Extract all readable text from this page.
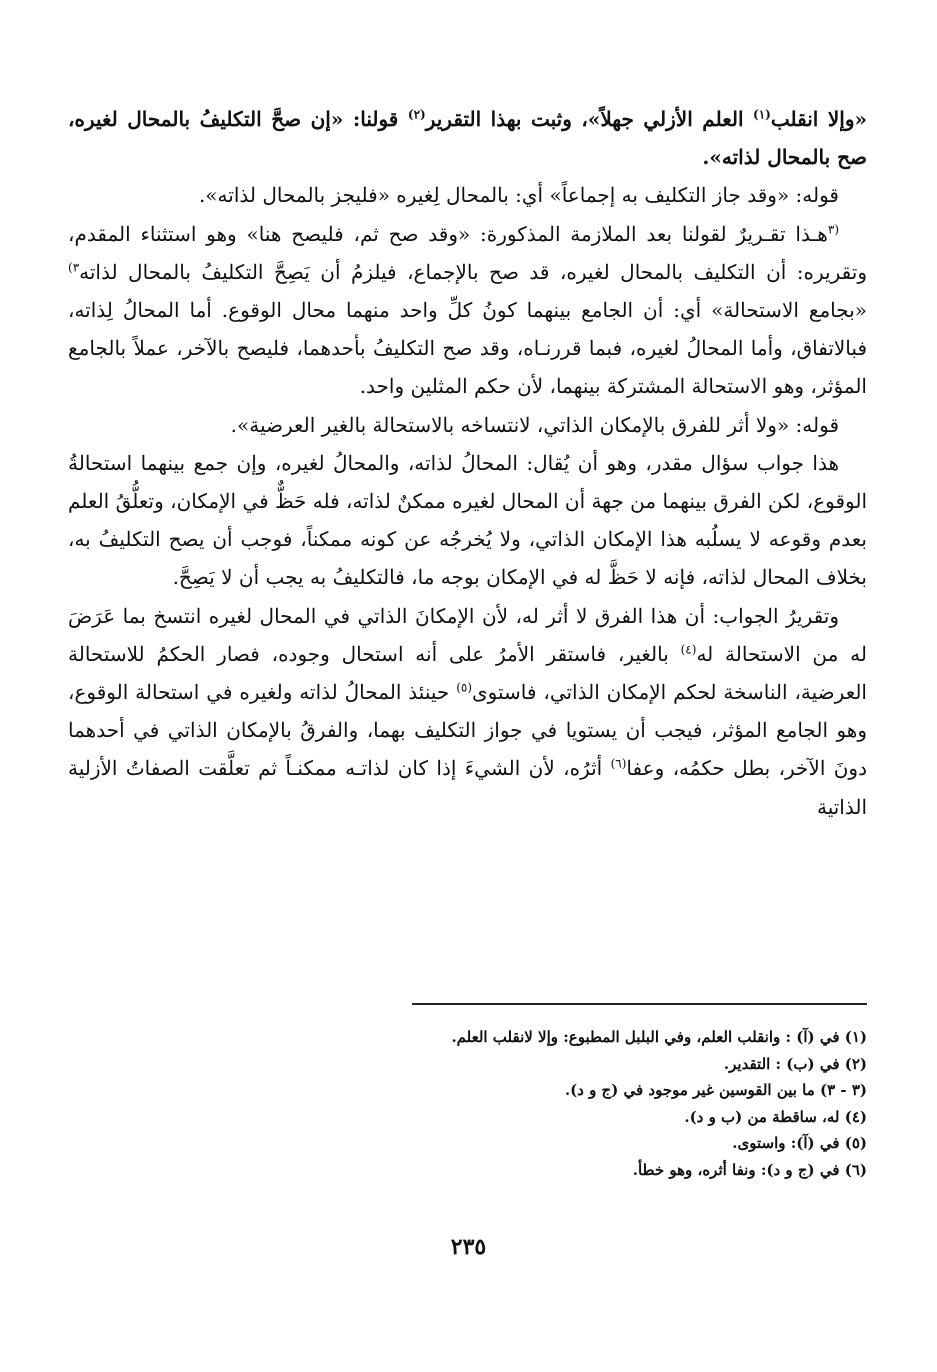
«وإلا انقلب$^{(١)}$ العلم الأزلي جهلاً»، وثبت بهذا التقرير$^{(٢)}$ قولنا: «إن صحَّ التكليفُ بالمحال لغيره، صح بالمحال لذاته».

قوله: «وقد جاز التكليف به إجماعاً» أي: بالمحال لِغيره «فليجز بالمحال لذاته».

$^{(٣}$هـذا تقـريرٌ لقولنا بعد الملازمة المذكورة: «وقد صح ثم، فليصح هنا» وهو استثناء المقدم، وتقريره: أن التكليف بالمحال لغيره، قد صح بالإجماع، فيلزمُ أن يَصِحَّ التكليفُ بالمحال لذاته$^{٣)}$ «بجامع الاستحالة» أي: أن الجامع بينهما كونُ كلِّ واحد منهما محال الوقوع. أما المحالُ لِذاته، فبالاتفاق، وأما المحالُ لغيره، فبما قررنـاه، وقد صح التكليفُ بأحدهما، فليصح بالآخر، عملاً بالجامع المؤثر، وهو الاستحالة المشتركة بينهما، لأن حكم المثلين واحد.

قوله: «ولا أثر للفرق بالإمكان الذاتي، لانتساخه بالاستحالة بالغير العرضية».

هذا جواب سؤال مقدر، وهو أن يُقال: المحالُ لذاته، والمحالُ لغيره، وإن جمع بينهما استحالةُ الوقوع، لكن الفرق بينهما من جهة أن المحال لغيره ممكنٌ لذاته، فله حَظٌّ في الإمكان، وتعلُّقُ العلم بعدم وقوعه لا يسلُبه هذا الإمكان الذاتي، ولا يُخرجُه عن كونه ممكناً، فوجب أن يصح التكليفُ به، بخلاف المحال لذاته، فإنه لا حَظَّ له في الإمكان بوجه ما، فالتكليفُ به يجب أن لا يَصِحَّ.

وتقريرُ الجواب: أن هذا الفرق لا أثر له، لأن الإمكانَ الذاتي في المحال لغيره انتسخ بما عَرَضَ له من الاستحالة له$^{(٤)}$ بالغير، فاستقر الأمرُ على أنه استحال وجوده، فصار الحكمُ للاستحالة العرضية، الناسخة لحكم الإمكان الذاتي، فاستوى$^{(٥)}$ حينئذ المحالُ لذاته ولغيره في استحالة الوقوع، وهو الجامع المؤثر، فيجب أن يستويا في جواز التكليف بهما، والفرقُ بالإمكان الذاتي في أحدهما دونَ الآخر، بطل حكمُه، وعفا$^{(٦)}$ أثرُه، لأن الشيءَ إذا كان لذاتـه ممكنـاً ثم تعلَّقت الصفاتُ الأزلية الذاتية

(١) في (آ) : وانقلب العلم، وفي البلبل المطبوع: وإلا لانقلب العلم.

(٢) في (ب) : التقدير.

(٣ - ٣) ما بين القوسين غير موجود في (ج و د).

(٤) له، ساقطة من (ب و د).

(٥) في (آ): واستوى.

(٦) في (ج و د): ونفا أثره، وهو خطأ.

٢٣٥
